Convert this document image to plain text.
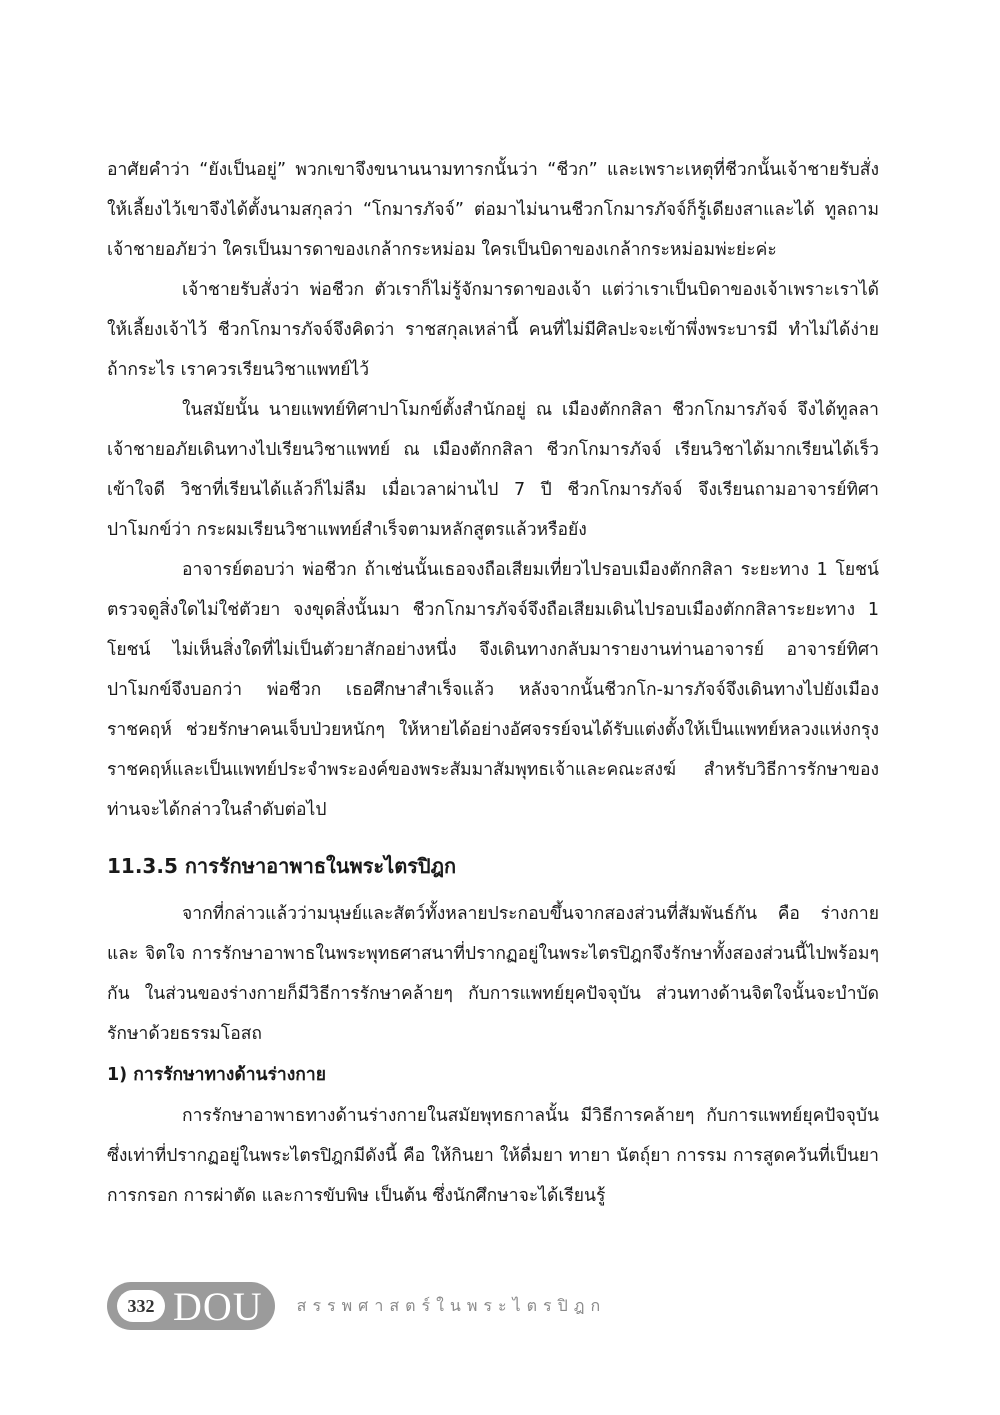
อาศัยคำว่า “ยังเป็นอยู่” พวกเขาจึงขนานนามทารกนั้นว่า “ชีวก” และเพราะเหตุที่ชีวกนั้นเจ้าชายรับสั่งให้เลี้ยงไว้เขาจึงได้ตั้งนามสกุลว่า “โกมารภัจจ์” ต่อมาไม่นานชีวกโกมารภัจจ์ก็รู้เดียงสาและได้ ทูลถามเจ้าชายอภัยว่า ใครเป็นมารดาของเกล้ากระหม่อม ใครเป็นบิดาของเกล้ากระหม่อมพ่ะย่ะค่ะ

เจ้าชายรับสั่งว่า พ่อชีวก ตัวเราก็ไม่รู้จักมารดาของเจ้า แต่ว่าเราเป็นบิดาของเจ้าเพราะเราได้ให้เลี้ยงเจ้าไว้ ชีวกโกมารภัจจ์จึงคิดว่า ราชสกุลเหล่านี้ คนที่ไม่มีศิลปะจะเข้าพึ่งพระบารมี ทำไม่ได้ง่าย ถ้ากระไร เราควรเรียนวิชาแพทย์ไว้

ในสมัยนั้น นายแพทย์ทิศาปาโมกข์ตั้งสำนักอยู่ ณ เมืองตักกสิลา ชีวกโกมารภัจจ์ จึงได้ทูลลาเจ้าชายอภัยเดินทางไปเรียนวิชาแพทย์ ณ เมืองตักกสิลา ชีวกโกมารภัจจ์ เรียนวิชาได้มากเรียนได้เร็ว เข้าใจดี วิชาที่เรียนได้แล้วก็ไม่ลืม เมื่อเวลาผ่านไป 7 ปี ชีวกโกมารภัจจ์ จึงเรียนถามอาจารย์ทิศาปาโมกข์ว่า กระผมเรียนวิชาแพทย์สำเร็จตามหลักสูตรแล้วหรือยัง

อาจารย์ตอบว่า พ่อชีวก ถ้าเช่นนั้นเธอจงถือเสียมเที่ยวไปรอบเมืองตักกสิลา ระยะทาง 1 โยชน์ ตรวจดูสิ่งใดไม่ใช่ตัวยา จงขุดสิ่งนั้นมา ชีวกโกมารภัจจ์จึงถือเสียมเดินไปรอบเมืองตักกสิลาระยะทาง 1 โยชน์ ไม่เห็นสิ่งใดที่ไม่เป็นตัวยาสักอย่างหนึ่ง จึงเดินทางกลับมารายงานท่านอาจารย์ อาจารย์ทิศาปาโมกข์จึงบอกว่า พ่อชีวก เธอศึกษาสำเร็จแล้ว หลังจากนั้นชีวกโก-มารภัจจ์จึงเดินทางไปยังเมืองราชคฤห์ ช่วยรักษาคนเจ็บป่วยหนักๆ ให้หายได้อย่างอัศจรรย์จนได้รับแต่งตั้งให้เป็นแพทย์หลวงแห่งกรุงราชคฤห์และเป็นแพทย์ประจำพระองค์ของพระสัมมาสัมพุทธเจ้าและคณะสงฆ์ สำหรับวิธีการรักษาของท่านจะได้กล่าวในลำดับต่อไป

11.3.5 การรักษาอาพาธในพระไตรปิฎก

จากที่กล่าวแล้วว่ามนุษย์และสัตว์ทั้งหลายประกอบขึ้นจากสองส่วนที่สัมพันธ์กัน คือ ร่างกาย และ จิตใจ การรักษาอาพาธในพระพุทธศาสนาที่ปรากฏอยู่ในพระไตรปิฎกจึงรักษาทั้งสองส่วนนี้ไปพร้อมๆ กัน ในส่วนของร่างกายก็มีวิธีการรักษาคล้ายๆ กับการแพทย์ยุคปัจจุบัน ส่วนทางด้านจิตใจนั้นจะบำบัดรักษาด้วยธรรมโอสถ

1) การรักษาทางด้านร่างกาย

การรักษาอาพาธทางด้านร่างกายในสมัยพุทธกาลนั้น มีวิธีการคล้ายๆ กับการแพทย์ยุคปัจจุบัน ซึ่งเท่าที่ปรากฏอยู่ในพระไตรปิฎกมีดังนี้ คือ ให้กินยา ให้ดื่มยา ทายา นัตถุ์ยา การรม การสูดควันที่เป็นยา การกรอก การผ่าตัด และการขับพิษ เป็นต้น ซึ่งนักศึกษาจะได้เรียนรู้

332 DOU สรรพศาสตร์ในพระไตรปิฎก
